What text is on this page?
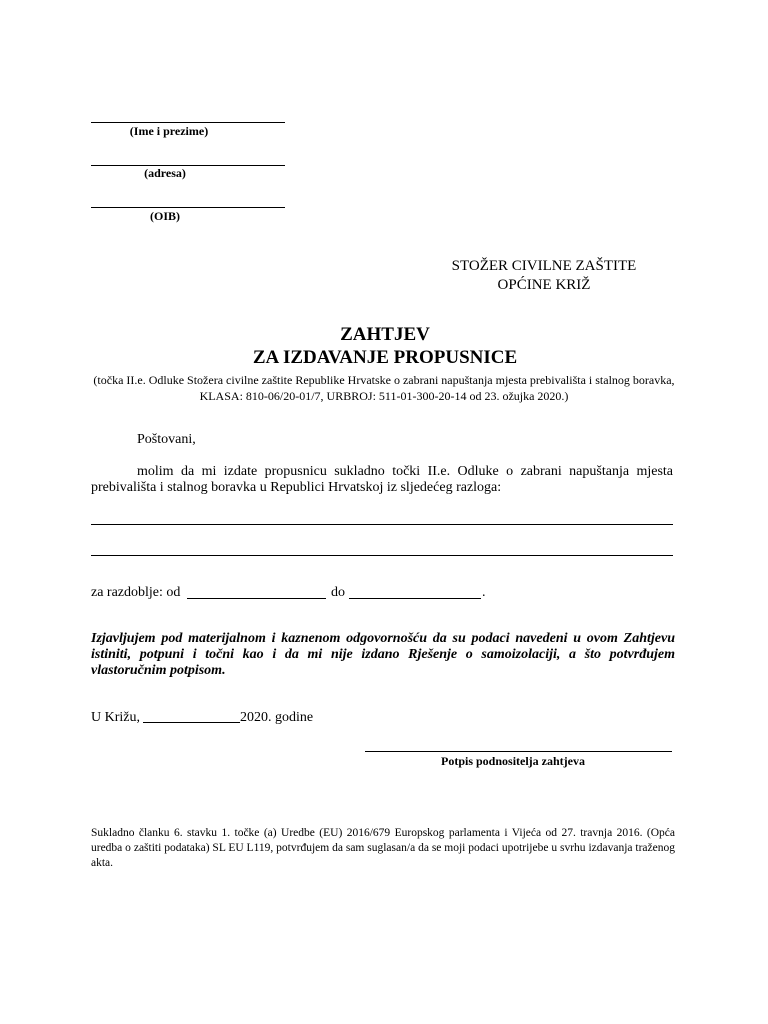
(Ime i prezime)
(adresa)
(OIB)
STOŽER CIVILNE ZAŠTITE
OPĆINE KRIŽ
ZAHTJEV
ZA IZDAVANJE PROPUSNICE
(točka II.e. Odluke Stožera civilne zaštite Republike Hrvatske o zabrani napuštanja mjesta prebivališta i stalnog boravka, KLASA: 810-06/20-01/7, URBROJ: 511-01-300-20-14 od 23. ožujka 2020.)
Poštovani,
molim da mi izdate propusnicu sukladno točki II.e. Odluke o zabrani napuštanja mjesta
prebivališta i stalnog boravka u Republici Hrvatskoj iz sljedećeg razloga:
za razdoblje: od	do	.
Izjavljujem pod materijalnom i kaznenom odgovornošću da su podaci navedeni u ovom Zahtjevu istiniti, potpuni i točni kao i da mi nije izdano Rješenje o samoizolaciji, a što potvrđujem vlastoručnim potpisom.
U Križu,	2020. godine
Potpis podnositelja zahtjeva
Sukladno članku 6. stavku 1. točke (a) Uredbe (EU) 2016/679 Europskog parlamenta i Vijeća od 27. travnja 2016. (Opća uredba o zaštiti podataka) SL EU L119, potvrđujem da sam suglasan/a da se moji podaci upotrijebe u svrhu izdavanja traženog akta.
